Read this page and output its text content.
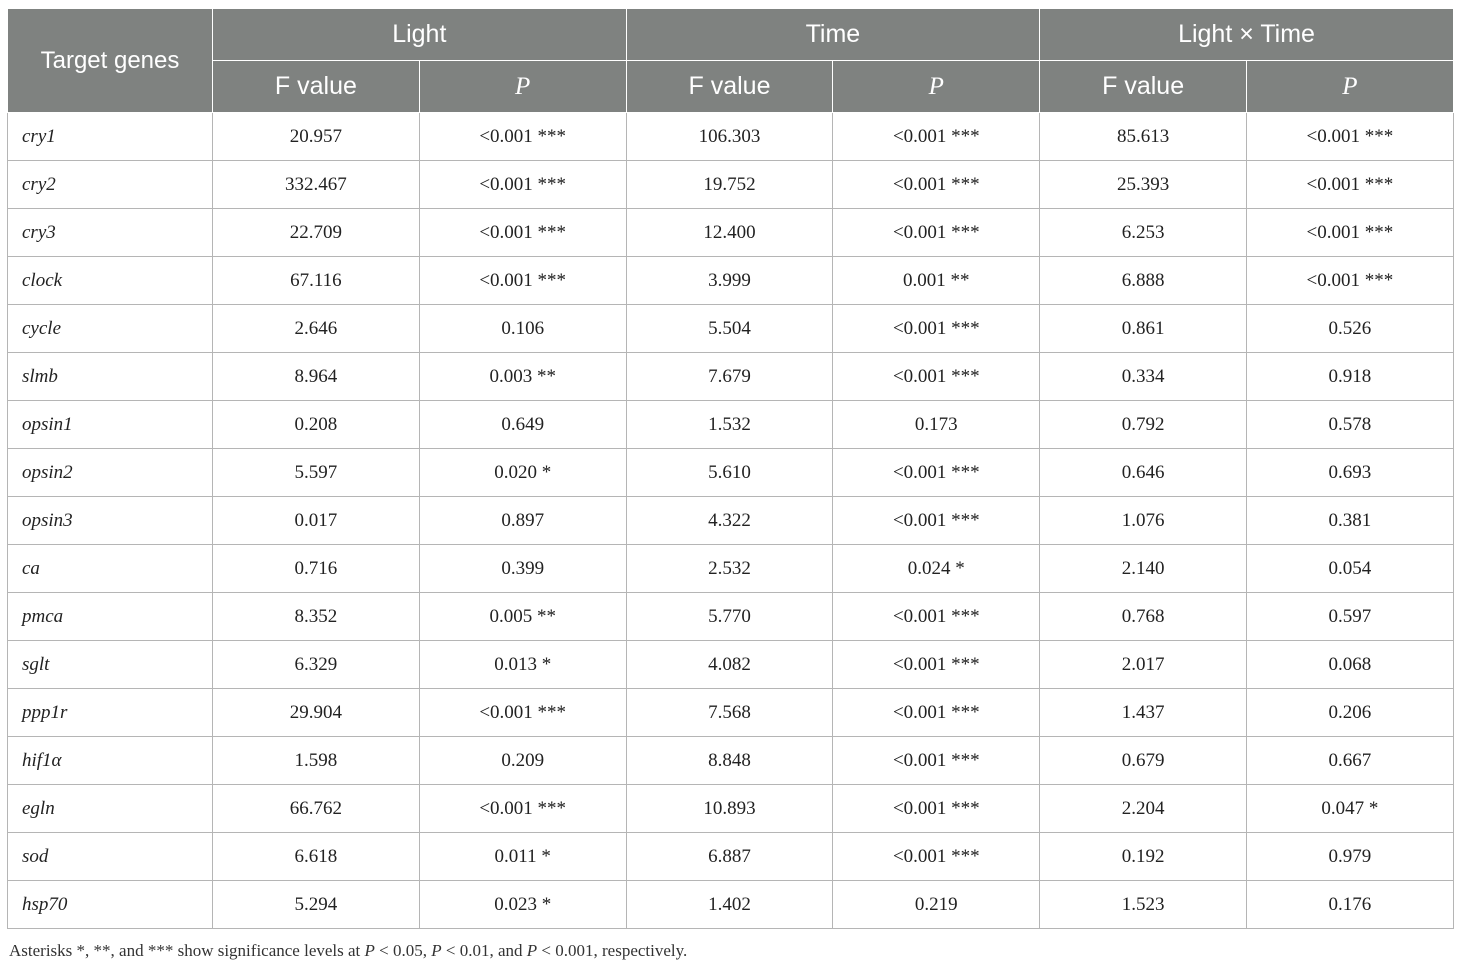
Target genes	Light		Time		Light × Time	
	F value	P	F value	P	F value	P
cry1	20.957	<0.001 ***	106.303	<0.001 ***	85.613	<0.001 ***
cry2	332.467	<0.001 ***	19.752	<0.001 ***	25.393	<0.001 ***
cry3	22.709	<0.001 ***	12.400	<0.001 ***	6.253	<0.001 ***
clock	67.116	<0.001 ***	3.999	0.001 **	6.888	<0.001 ***
cycle	2.646	0.106	5.504	<0.001 ***	0.861	0.526
slmb	8.964	0.003 **	7.679	<0.001 ***	0.334	0.918
opsin1	0.208	0.649	1.532	0.173	0.792	0.578
opsin2	5.597	0.020 *	5.610	<0.001 ***	0.646	0.693
opsin3	0.017	0.897	4.322	<0.001 ***	1.076	0.381
ca	0.716	0.399	2.532	0.024 *	2.140	0.054
pmca	8.352	0.005 **	5.770	<0.001 ***	0.768	0.597
sglt	6.329	0.013 *	4.082	<0.001 ***	2.017	0.068
ppp1r	29.904	<0.001 ***	7.568	<0.001 ***	1.437	0.206
hif1α	1.598	0.209	8.848	<0.001 ***	0.679	0.667
egln	66.762	<0.001 ***	10.893	<0.001 ***	2.204	0.047 *
sod	6.618	0.011 *	6.887	<0.001 ***	0.192	0.979
hsp70	5.294	0.023 *	1.402	0.219	1.523	0.176
Asterisks *, **, and *** show significance levels at P < 0.05, P < 0.01, and P < 0.001, respectively.
